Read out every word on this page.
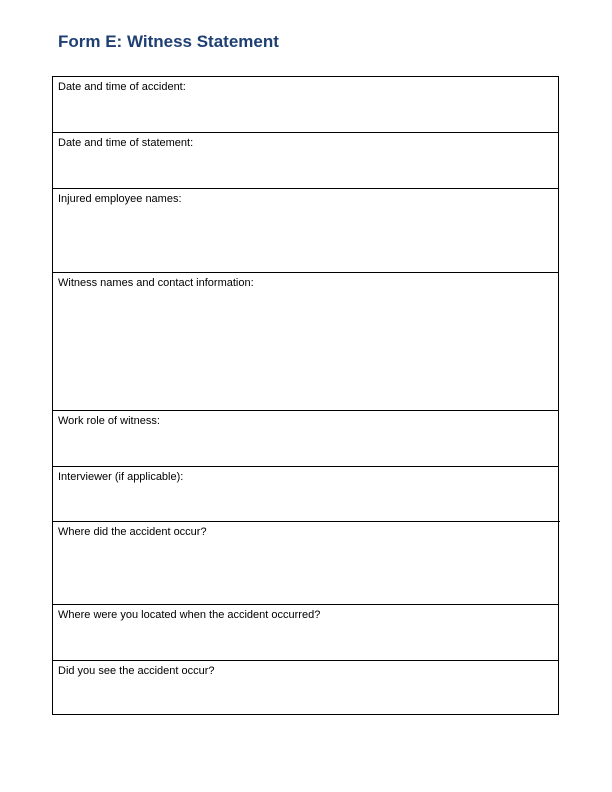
Form E: Witness Statement
Date and time of accident:
Date and time of statement:
Injured employee names:
Witness names and contact information:
Work role of witness:
Interviewer (if applicable):
Where did the accident occur?
Where were you located when the accident occurred?
Did you see the accident occur?
